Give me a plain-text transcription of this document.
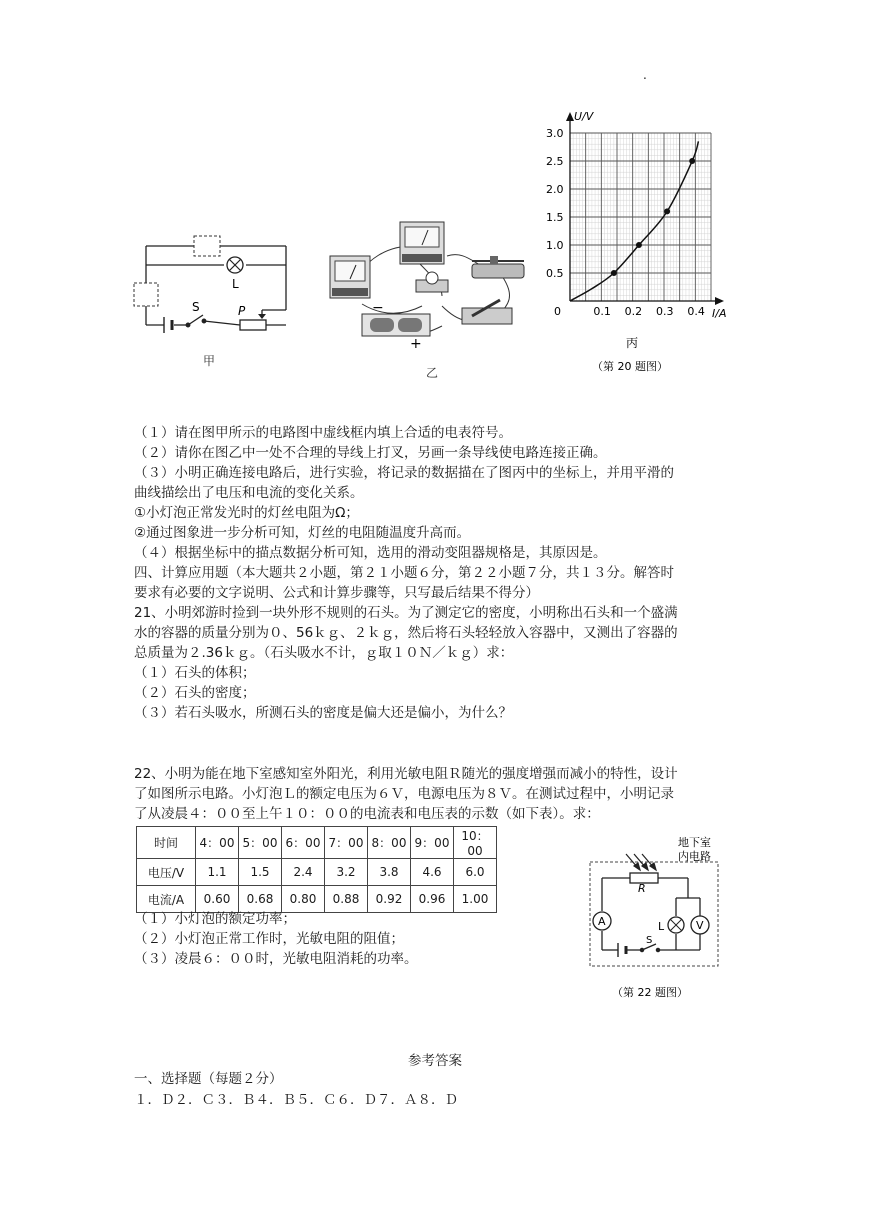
.
L
S	P
甲
−
+
乙
0.5
1.0
1.5
2.0
2.5
3.0
0.1 0.2 0.3 0.4
U/V
I/A
0
丙
（第 20 题图）
（１）请在图甲所示的电路图中虚线框内填上合适的电表符号。
（２）请你在图乙中一处不合理的导线上打叉，另画一条导线使电路连接正确。
（３）小明正确连接电路后，进行实验，将记录的数据描在了图丙中的坐标上，并用平滑的
曲线描绘出了电压和电流的变化关系。
①小灯泡正常发光时的灯丝电阻为Ω；
②通过图象进一步分析可知，灯丝的电阻随温度升高而。
（４）根据坐标中的描点数据分析可知，选用的滑动变阻器规格是，其原因是。
四、计算应用题（本大题共２小题，第２１小题６分，第２２小题７分，共１３分。解答时
要求有必要的文字说明、公式和计算步骤等，只写最后结果不得分）
21、小明郊游时捡到一块外形不规则的石头。为了测定它的密度，小明称出石头和一个盛满
水的容器的质量分别为０、56ｋｇ、２ｋｇ，然后将石头轻轻放入容器中，又测出了容器的
总质量为２.36ｋｇ。（石头吸水不计，ｇ取１０Ｎ／ｋｇ）求：
（１）石头的体积；
（２）石头的密度；
（３）若石头吸水，所测石头的密度是偏大还是偏小，为什么？
22、小明为能在地下室感知室外阳光，利用光敏电阻Ｒ随光的强度增强而减小的特性，设计
了如图所示电路。小灯泡Ｌ的额定电压为６Ｖ，电源电压为８Ｖ。在测试过程中，小明记录
了从凌晨４：００至上午１０：００的电流表和电压表的示数（如下表）。求：
时间	4：00	5：00	6：00	7：00	8：00	9：00	10：00
电压/V	1.1	1.5	2.4	3.2	3.8	4.6	6.0
电流/A	0.60	0.68	0.80	0.88	0.92	0.96	1.00
（１）小灯泡的额定功率；
（２）小灯泡正常工作时，光敏电阻的阻值；
（３）凌晨６：００时，光敏电阻消耗的功率。
A	V
R
L
S
地下室
内电路
（第 22 题图）
参考答案
一、选择题（每题２分）
１．Ｄ２．Ｃ３．Ｂ４．Ｂ５．Ｃ６．Ｄ７．Ａ８．Ｄ
